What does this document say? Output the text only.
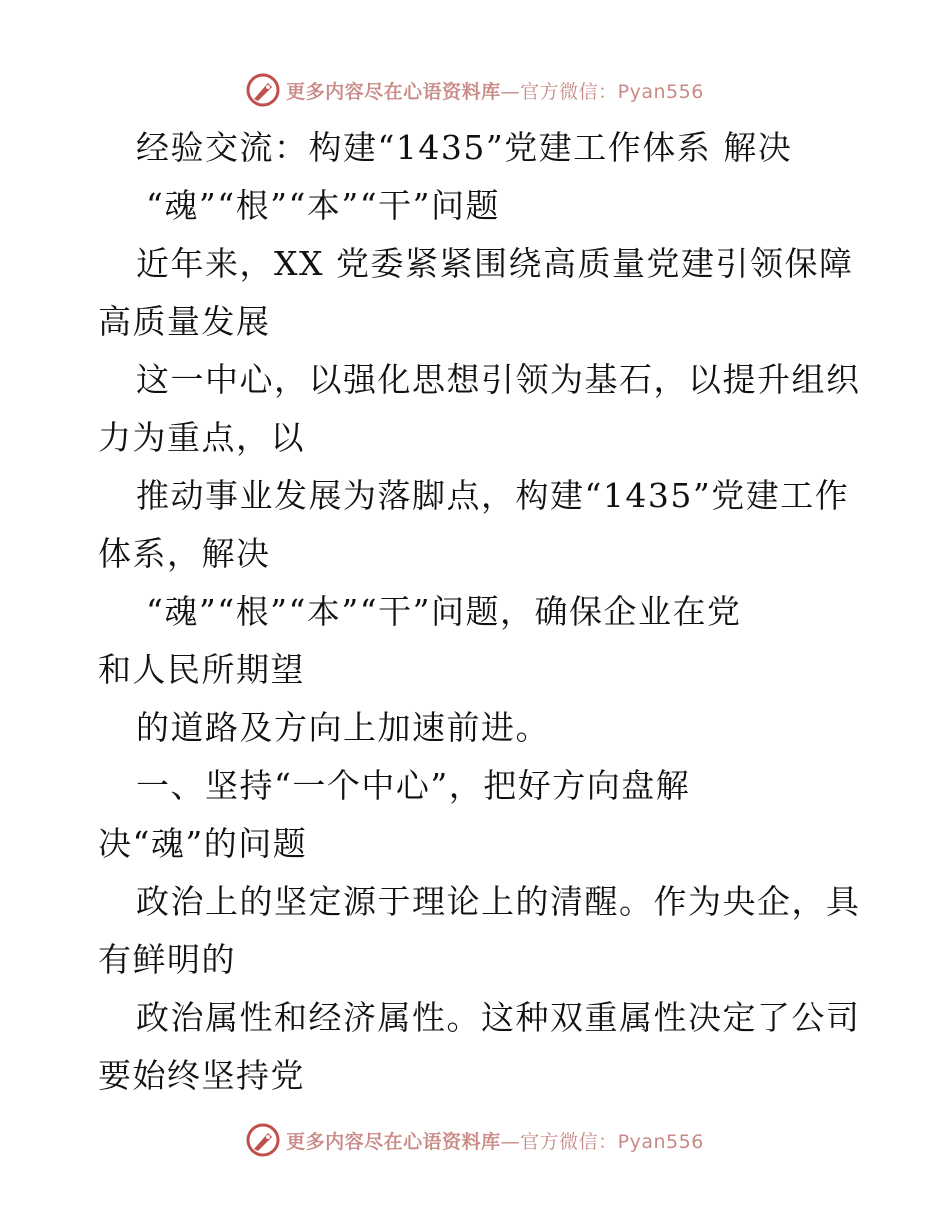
更多内容尽在心语资料库—官方微信：Pyan556
经验交流：构建“1435”党建工作体系 解决
“魂”“根”“本”“干”问题
近年来，XX 党委紧紧围绕高质量党建引领保障
高质量发展
这一中心，以强化思想引领为基石，以提升组织
力为重点，以
推动事业发展为落脚点，构建“1435”党建工作
体系，解决
“魂”“根”“本”“干”问题，确保企业在党
和人民所期望
的道路及方向上加速前进。
一、坚持“一个中心”，把好方向盘解
决“魂”的问题
政治上的坚定源于理论上的清醒。作为央企，具
有鲜明的
政治属性和经济属性。这种双重属性决定了公司
要始终坚持党
更多内容尽在心语资料库—官方微信：Pyan556
